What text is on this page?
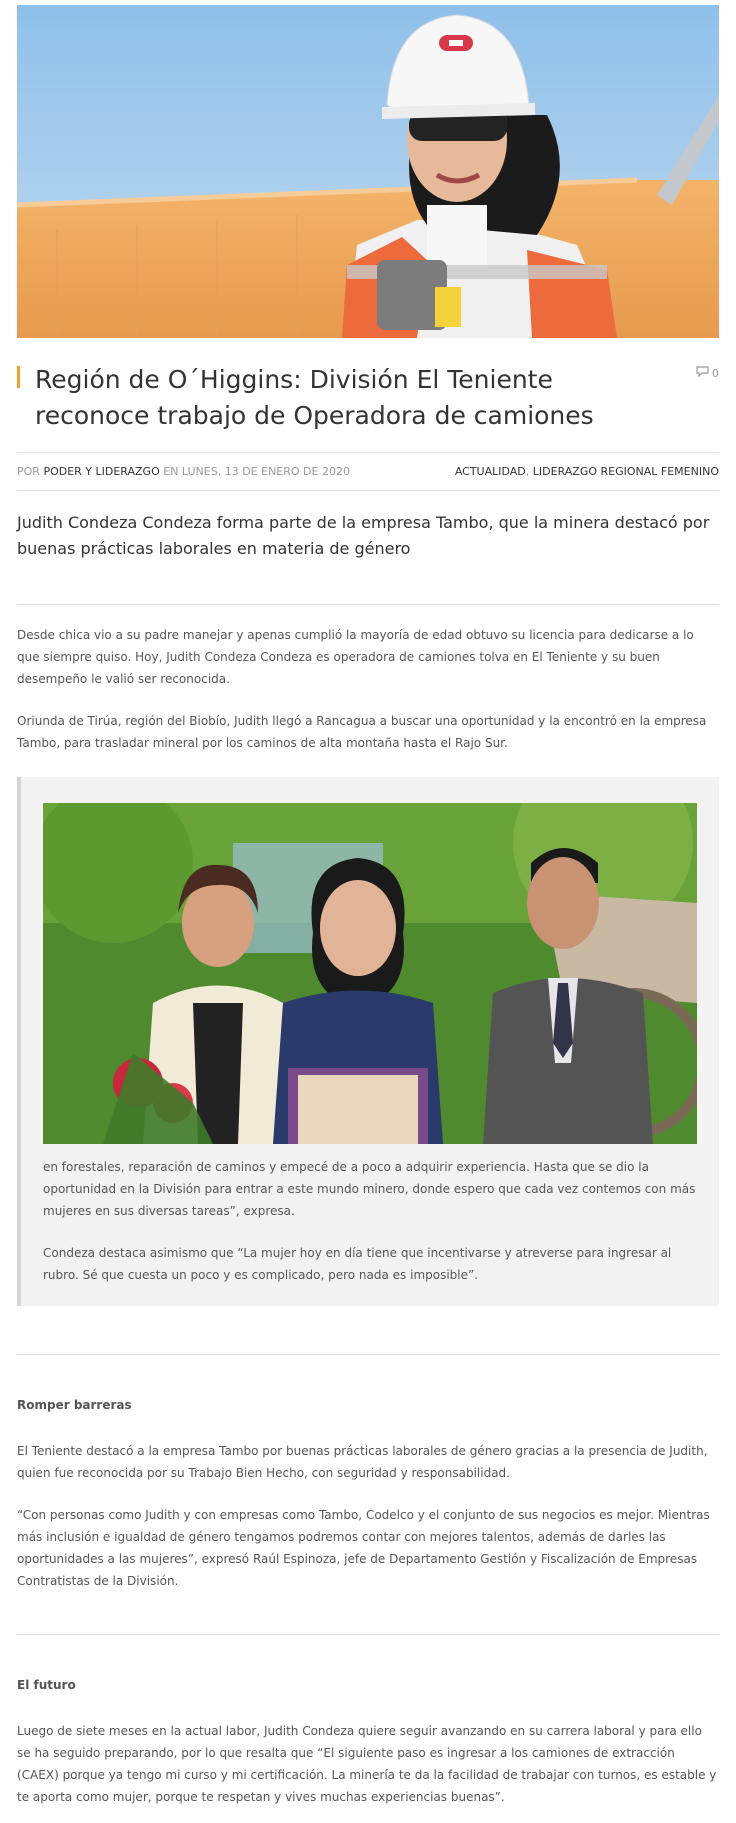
Región de O´Higgins: División El Teniente reconoce trabajo de Operadora de camiones
0
POR PODER Y LIDERAZGO EN LUNES, 13 DE ENERO DE 2020	ACTUALIDAD, LIDERAZGO REGIONAL FEMENINO

Judith Condeza Condeza forma parte de la empresa Tambo, que la minera destacó por buenas prácticas laborales en materia de género

Desde chica vio a su padre manejar y apenas cumplió la mayoría de edad obtuvo su licencia para dedicarse a lo que siempre quiso. Hoy, Judith Condeza Condeza es operadora de camiones tolva en El Teniente y su buen desempeño le valió ser reconocida.

Oriunda de Tirúa, región del Biobío, Judith llegó a Rancagua a buscar una oportunidad y la encontró en la empresa Tambo, para trasladar mineral por los caminos de alta montaña hasta el Rajo Sur.

en forestales, reparación de caminos y empecé de a poco a adquirir experiencia. Hasta que se dio la oportunidad en la División para entrar a este mundo minero, donde espero que cada vez contemos con más mujeres en sus diversas tareas”, expresa.

Condeza destaca asimismo que “La mujer hoy en día tiene que incentivarse y atreverse para ingresar al rubro. Sé que cuesta un poco y es complicado, pero nada es imposible”.

Romper barreras

El Teniente destacó a la empresa Tambo por buenas prácticas laborales de género gracias a la presencia de Judith, quien fue reconocida por su Trabajo Bien Hecho, con seguridad y responsabilidad.

“Con personas como Judith y con empresas como Tambo, Codelco y el conjunto de sus negocios es mejor. Mientras más inclusión e igualdad de género tengamos podremos contar con mejores talentos, además de darles las oportunidades a las mujeres”, expresó Raúl Espinoza, jefe de Departamento Gestión y Fiscalización de Empresas Contratistas de la División.

El futuro

Luego de siete meses en la actual labor, Judith Condeza quiere seguir avanzando en su carrera laboral y para ello se ha seguido preparando, por lo que resalta que “El siguiente paso es ingresar a los camiones de extracción (CAEX) porque ya tengo mi curso y mi certificación. La minería te da la facilidad de trabajar con turnos, es estable y te aporta como mujer, porque te respetan y vives muchas experiencias buenas”.
